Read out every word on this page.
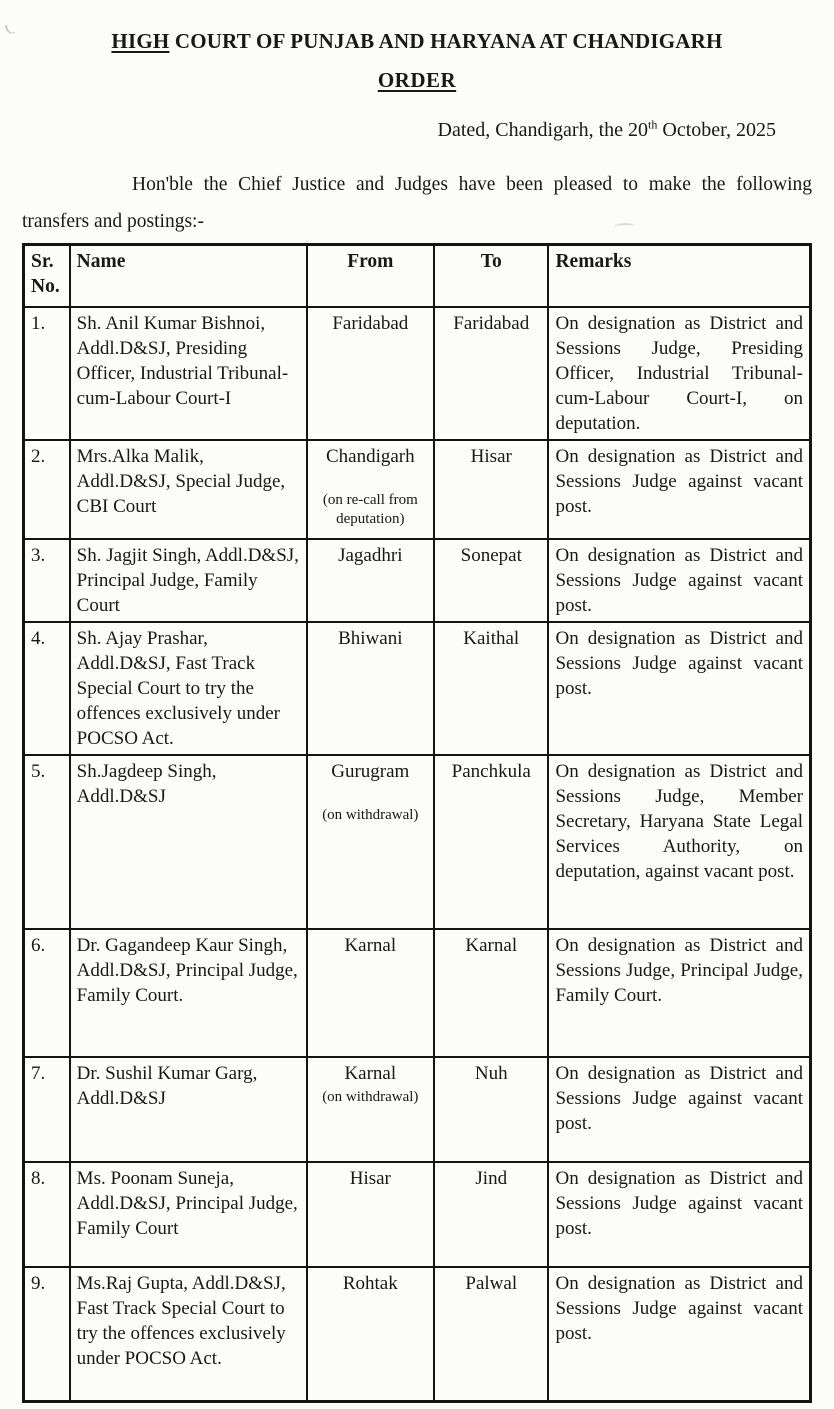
HIGH COURT OF PUNJAB AND HARYANA AT CHANDIGARH
ORDER
Dated, Chandigarh, the 20th October, 2025

Hon'ble the Chief Justice and Judges have been pleased to make the following transfers and postings:-

Sr. No.	Name	From	To	Remarks
1.	Sh. Anil Kumar Bishnoi, Addl.D&SJ, Presiding Officer, Industrial Tribunal-cum-Labour Court-I	Faridabad	Faridabad	On designation as District and Sessions Judge, Presiding Officer, Industrial Tribunal-cum-Labour Court-I, on deputation.
2.	Mrs.Alka Malik, Addl.D&SJ, Special Judge, CBI Court	Chandigarh
(on re-call from deputation)	Hisar	On designation as District and Sessions Judge against vacant post.
3.	Sh. Jagjit Singh, Addl.D&SJ, Principal Judge, Family Court	Jagadhri	Sonepat	On designation as District and Sessions Judge against vacant post.
4.	Sh. Ajay Prashar, Addl.D&SJ, Fast Track Special Court to try the offences exclusively under POCSO Act.	Bhiwani	Kaithal	On designation as District and Sessions Judge against vacant post.
5.	Sh.Jagdeep Singh, Addl.D&SJ	Gurugram
(on withdrawal)	Panchkula	On designation as District and Sessions Judge, Member Secretary, Haryana State Legal Services Authority, on deputation, against vacant post.
6.	Dr. Gagandeep Kaur Singh, Addl.D&SJ, Principal Judge, Family Court.	Karnal	Karnal	On designation as District and Sessions Judge, Principal Judge, Family Court.
7.	Dr. Sushil Kumar Garg, Addl.D&SJ	Karnal
(on withdrawal)	Nuh	On designation as District and Sessions Judge against vacant post.
8.	Ms. Poonam Suneja, Addl.D&SJ, Principal Judge, Family Court	Hisar	Jind	On designation as District and Sessions Judge against vacant post.
9.	Ms.Raj Gupta, Addl.D&SJ, Fast Track Special Court to try the offences exclusively under POCSO Act.	Rohtak	Palwal	On designation as District and Sessions Judge against vacant post.
